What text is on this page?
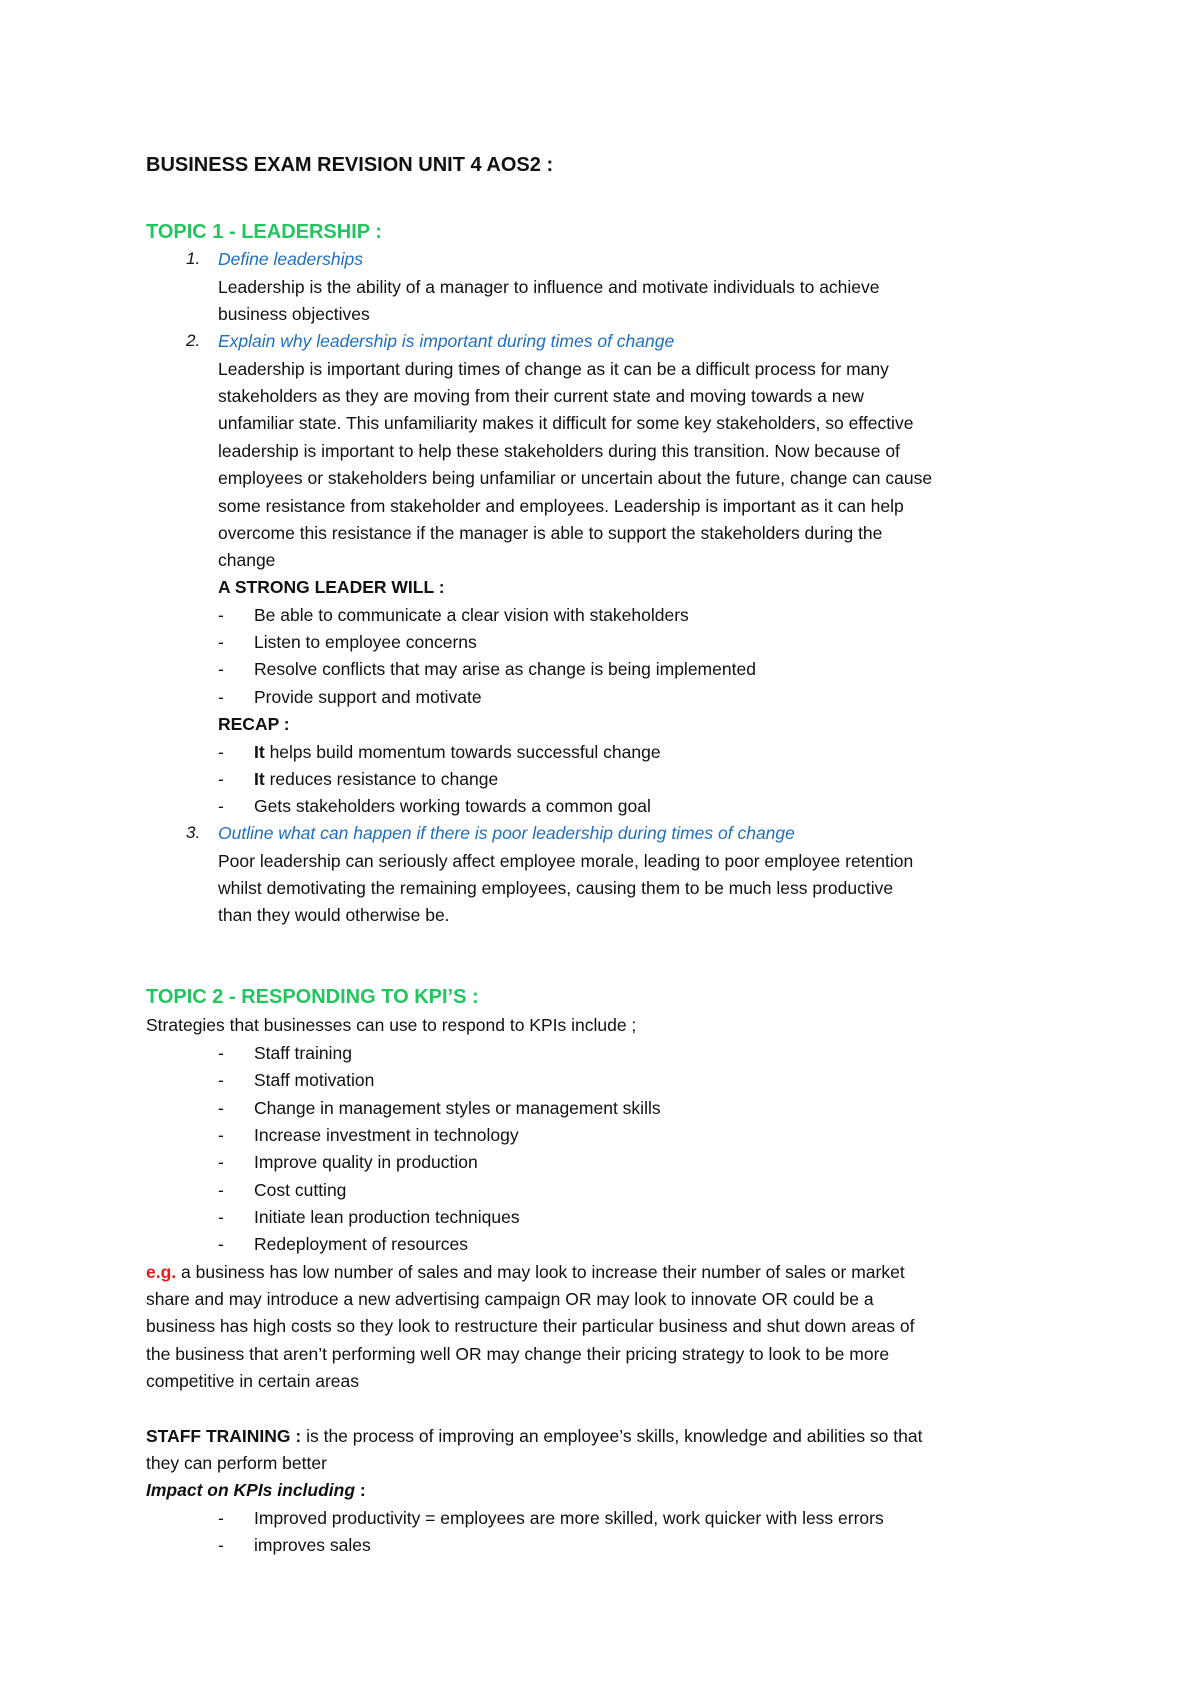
BUSINESS EXAM REVISION UNIT 4 AOS2 :
TOPIC 1 - LEADERSHIP :
1. Define leaderships
Leadership is the ability of a manager to influence and motivate individuals to achieve
business objectives
2. Explain why leadership is important during times of change
Leadership is important during times of change as it can be a difficult process for many
stakeholders as they are moving from their current state and moving towards a new
unfamiliar state. This unfamiliarity makes it difficult for some key stakeholders, so effective
leadership is important to help these stakeholders during this transition. Now because of
employees or stakeholders being unfamiliar or uncertain about the future, change can cause
some resistance from stakeholder and employees. Leadership is important as it can help
overcome this resistance if the manager is able to support the stakeholders during the
change
A STRONG LEADER WILL :
- Be able to communicate a clear vision with stakeholders
- Listen to employee concerns
- Resolve conflicts that may arise as change is being implemented
- Provide support and motivate
RECAP :
- It helps build momentum towards successful change
- It reduces resistance to change
- Gets stakeholders working towards a common goal
3. Outline what can happen if there is poor leadership during times of change
Poor leadership can seriously affect employee morale, leading to poor employee retention
whilst demotivating the remaining employees, causing them to be much less productive
than they would otherwise be.
TOPIC 2 - RESPONDING TO KPI’S :
Strategies that businesses can use to respond to KPIs include ;
- Staff training
- Staff motivation
- Change in management styles or management skills
- Increase investment in technology
- Improve quality in production
- Cost cutting
- Initiate lean production techniques
- Redeployment of resources
e.g. a business has low number of sales and may look to increase their number of sales or market
share and may introduce a new advertising campaign OR may look to innovate OR could be a
business has high costs so they look to restructure their particular business and shut down areas of
the business that aren’t performing well OR may change their pricing strategy to look to be more
competitive in certain areas
STAFF TRAINING : is the process of improving an employee’s skills, knowledge and abilities so that
they can perform better
Impact on KPIs including :
- Improved productivity = employees are more skilled, work quicker with less errors
- improves sales
